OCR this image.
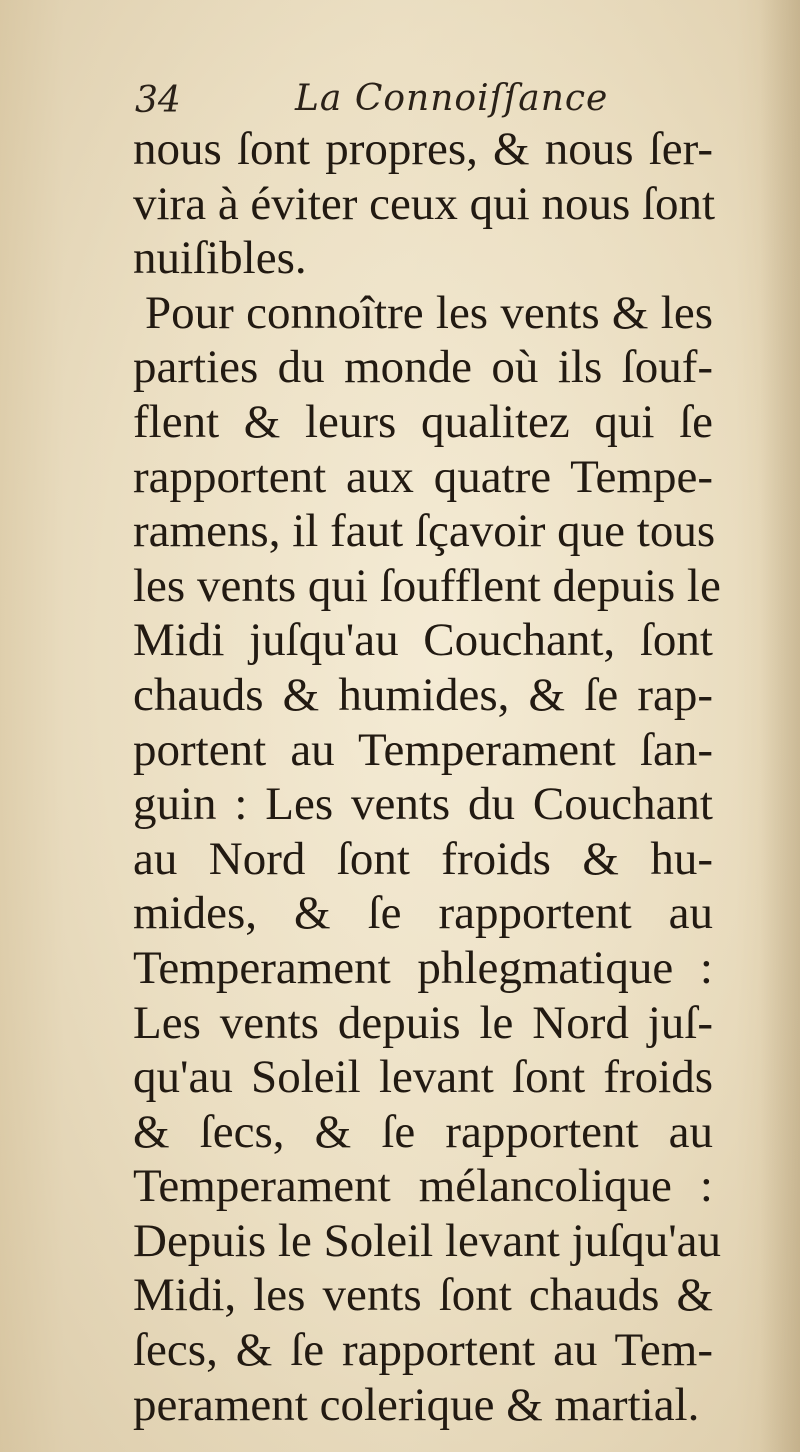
34	La Connoiſſance
nous ſont propres, & nous ſer-
vira à éviter ceux qui nous ſont
nuiſibles.
Pour connoître les vents & les
parties du monde où ils ſouf-
flent & leurs qualitez qui ſe
rapportent aux quatre Tempe-
ramens, il faut ſçavoir que tous
les vents qui ſoufflent depuis le
Midi juſqu'au Couchant, ſont
chauds & humides, & ſe rap-
portent au Temperament ſan-
guin : Les vents du Couchant
au Nord ſont froids & hu-
mides, & ſe rapportent au
Temperament phlegmatique :
Les vents depuis le Nord juſ-
qu'au Soleil levant ſont froids
& ſecs, & ſe rapportent au
Temperament mélancolique :
Depuis le Soleil levant juſqu'au
Midi, les vents ſont chauds &
ſecs, & ſe rapportent au Tem-
perament colerique & martial.
